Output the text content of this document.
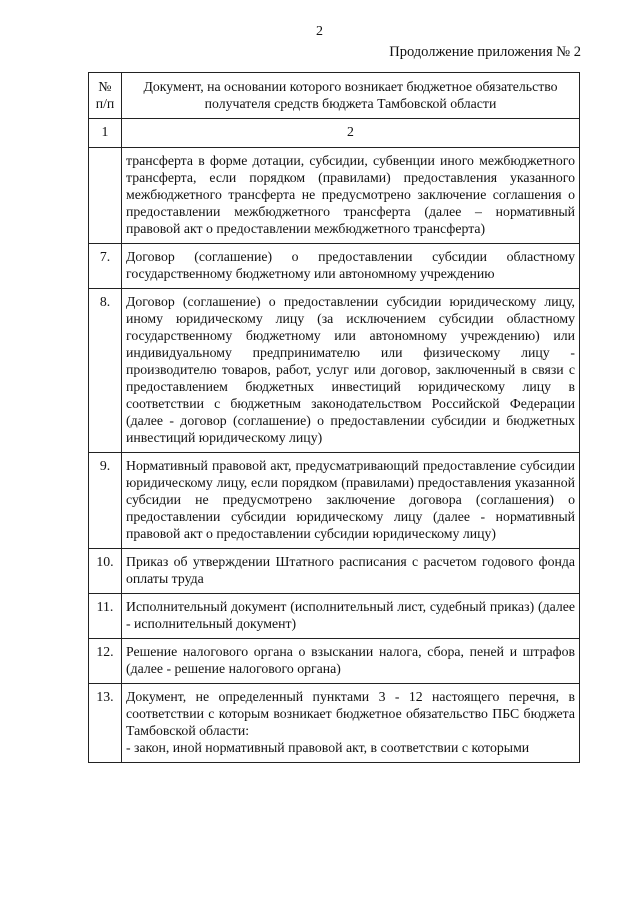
2
Продолжение приложения № 2
№ п/п	Документ, на основании которого возникает бюджетное обязательство получателя средств бюджета Тамбовской области
1	2
	трансферта в форме дотации, субсидии, субвенции иного межбюджетного трансферта, если порядком (правилами) предоставления указанного межбюджетного трансферта не предусмотрено заключение соглашения о предоставлении межбюджетного трансферта (далее – нормативный правовой акт о предоставлении межбюджетного трансферта)
7.	Договор (соглашение) о предоставлении субсидии областному государственному бюджетному или автономному учреждению
8.	Договор (соглашение) о предоставлении субсидии юридическому лицу, иному юридическому лицу (за исключением субсидии областному государственному бюджетному или автономному учреждению) или индивидуальному предпринимателю или физическому лицу - производителю товаров, работ, услуг или договор, заключенный в связи с предоставлением бюджетных инвестиций юридическому лицу в соответствии с бюджетным законодательством Российской Федерации (далее - договор (соглашение) о предоставлении субсидии и бюджетных инвестиций юридическому лицу)
9.	Нормативный правовой акт, предусматривающий предоставление субсидии юридическому лицу, если порядком (правилами) предоставления указанной субсидии не предусмотрено заключение договора (соглашения) о предоставлении субсидии юридическому лицу (далее - нормативный правовой акт о предоставлении субсидии юридическому лицу)
10.	Приказ об утверждении Штатного расписания с расчетом годового фонда оплаты труда
11.	Исполнительный документ (исполнительный лист, судебный приказ) (далее - исполнительный документ)
12.	Решение налогового органа о взыскании налога, сбора, пеней и штрафов (далее - решение налогового органа)
13.	Документ, не определенный пунктами 3 - 12 настоящего перечня, в соответствии с которым возникает бюджетное обязательство ПБС бюджета Тамбовской области:
- закон, иной нормативный правовой акт, в соответствии с которыми
